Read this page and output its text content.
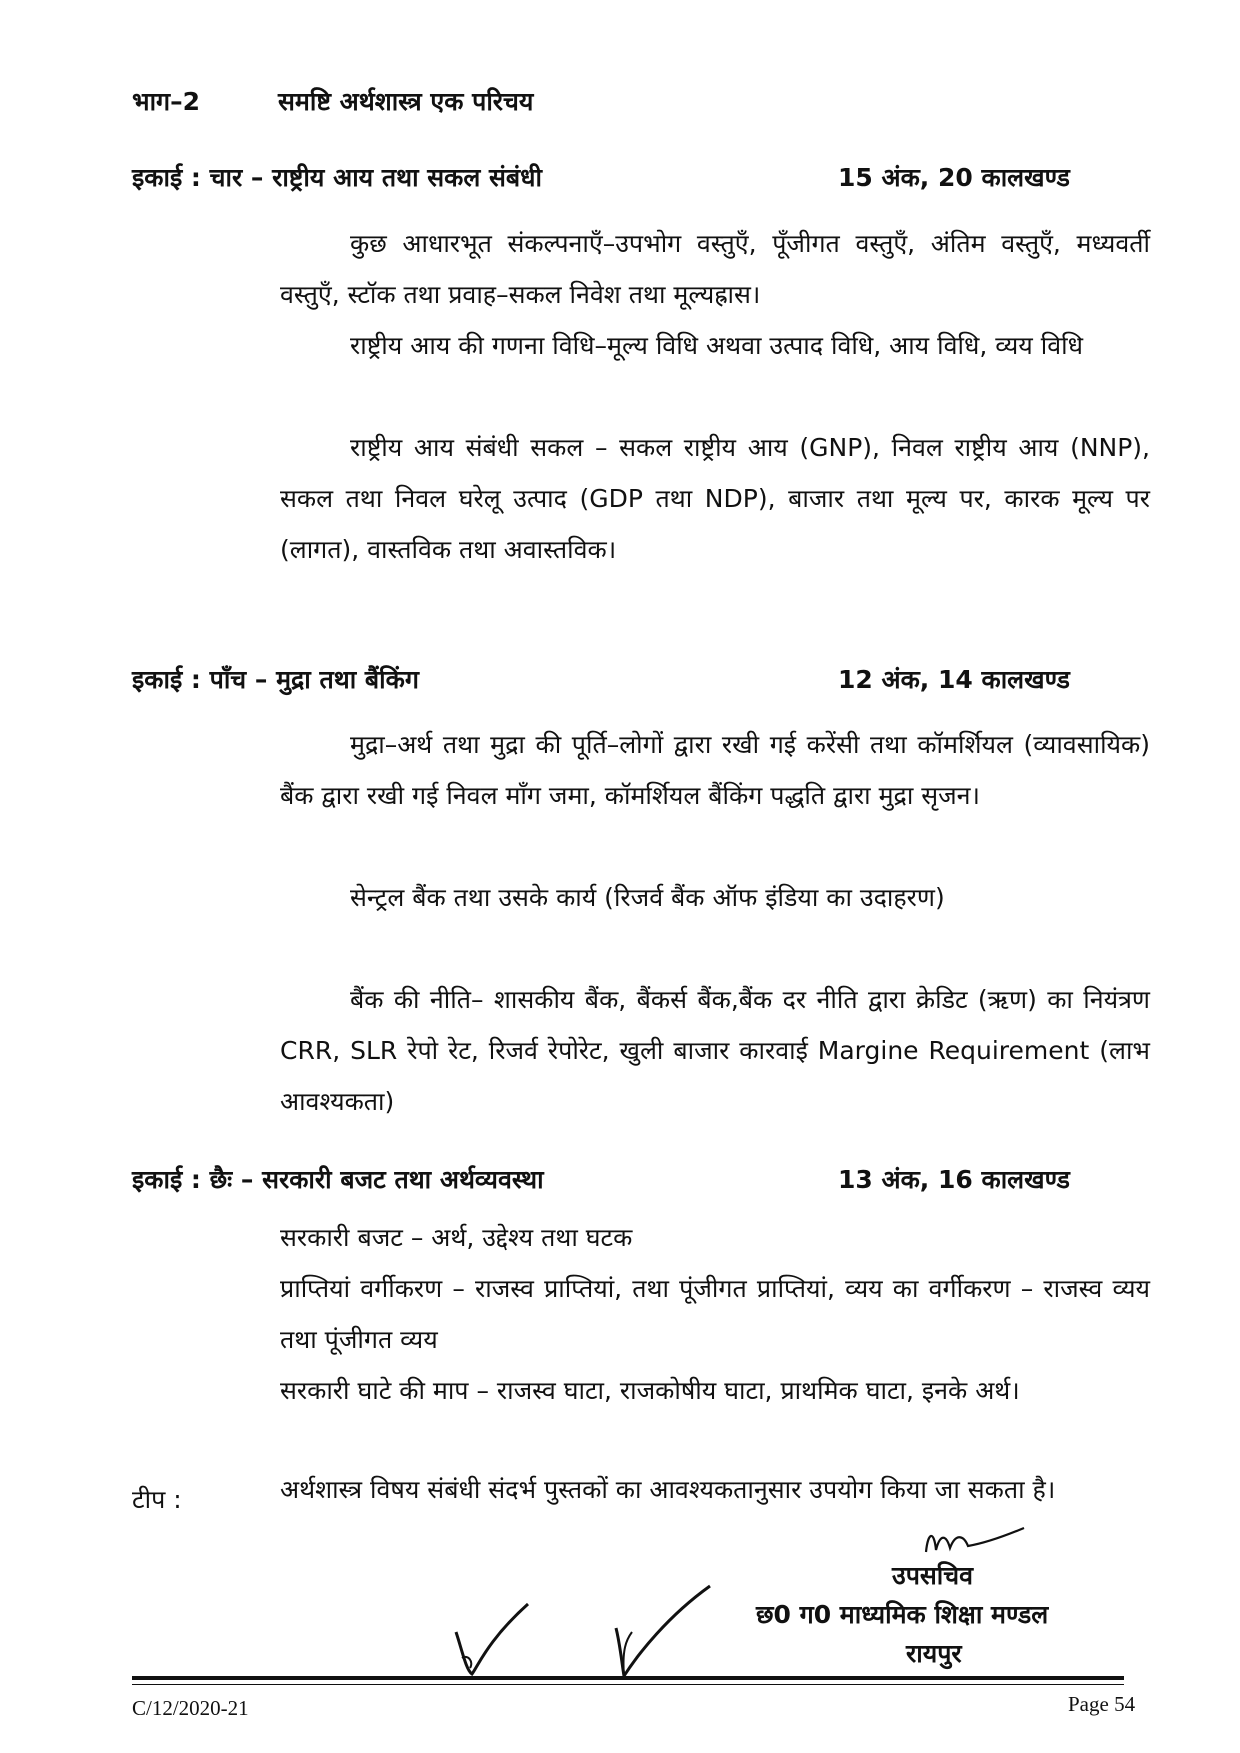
भाग–2	समष्टि अर्थशास्त्र एक परिचय
इकाई : चार – राष्ट्रीय आय तथा सकल संबंधी	15 अंक, 20 कालखण्ड
कुछ आधारभूत संकल्पनाएँ–उपभोग वस्तुएँ, पूँजीगत वस्तुएँ, अंतिम वस्तुएँ, मध्यवर्ती वस्तुएँ, स्टॉक तथा प्रवाह–सकल निवेश तथा मूल्यह्रास।
राष्ट्रीय आय की गणना विधि–मूल्य विधि अथवा उत्पाद विधि, आय विधि, व्यय विधि
राष्ट्रीय आय संबंधी सकल – सकल राष्ट्रीय आय (GNP), निवल राष्ट्रीय आय (NNP), सकल तथा निवल घरेलू उत्पाद (GDP तथा NDP), बाजार तथा मूल्य पर, कारक मूल्य पर (लागत), वास्तविक तथा अवास्तविक।
इकाई : पाँच – मुद्रा तथा बैंकिंग	12 अंक, 14 कालखण्ड
मुद्रा–अर्थ तथा मुद्रा की पूर्ति–लोगों द्वारा रखी गई करेंसी तथा कॉमर्शियल (व्यावसायिक) बैंक द्वारा रखी गई निवल माँग जमा, कॉमर्शियल बैंकिंग पद्धति द्वारा मुद्रा सृजन।
सेन्ट्रल बैंक तथा उसके कार्य (रिजर्व बैंक ऑफ इंडिया का उदाहरण)
बैंक की नीति– शासकीय बैंक, बैंकर्स बैंक,बैंक दर नीति द्वारा क्रेडिट (ऋण) का नियंत्रण CRR, SLR रेपो रेट, रिजर्व रेपोरेट, खुली बाजार कारवाई Margine Requirement (लाभ आवश्यकता)
इकाई : छैः – सरकारी बजट तथा अर्थव्यवस्था	13 अंक, 16 कालखण्ड
सरकारी बजट – अर्थ, उद्देश्य तथा घटक
प्राप्तियां वर्गीकरण – राजस्व प्राप्तियां, तथा पूंजीगत प्राप्तियां, व्यय का वर्गीकरण – राजस्व व्यय तथा पूंजीगत व्यय
सरकारी घाटे की माप – राजस्व घाटा, राजकोषीय घाटा, प्राथमिक घाटा, इनके अर्थ।
टीप :	अर्थशास्त्र विषय संबंधी संदर्भ पुस्तकों का आवश्यकतानुसार उपयोग किया जा सकता है।
उपसचिव
छ0 ग0 माध्यमिक शिक्षा मण्डल
रायपुर
C/12/2020-21	Page 54
